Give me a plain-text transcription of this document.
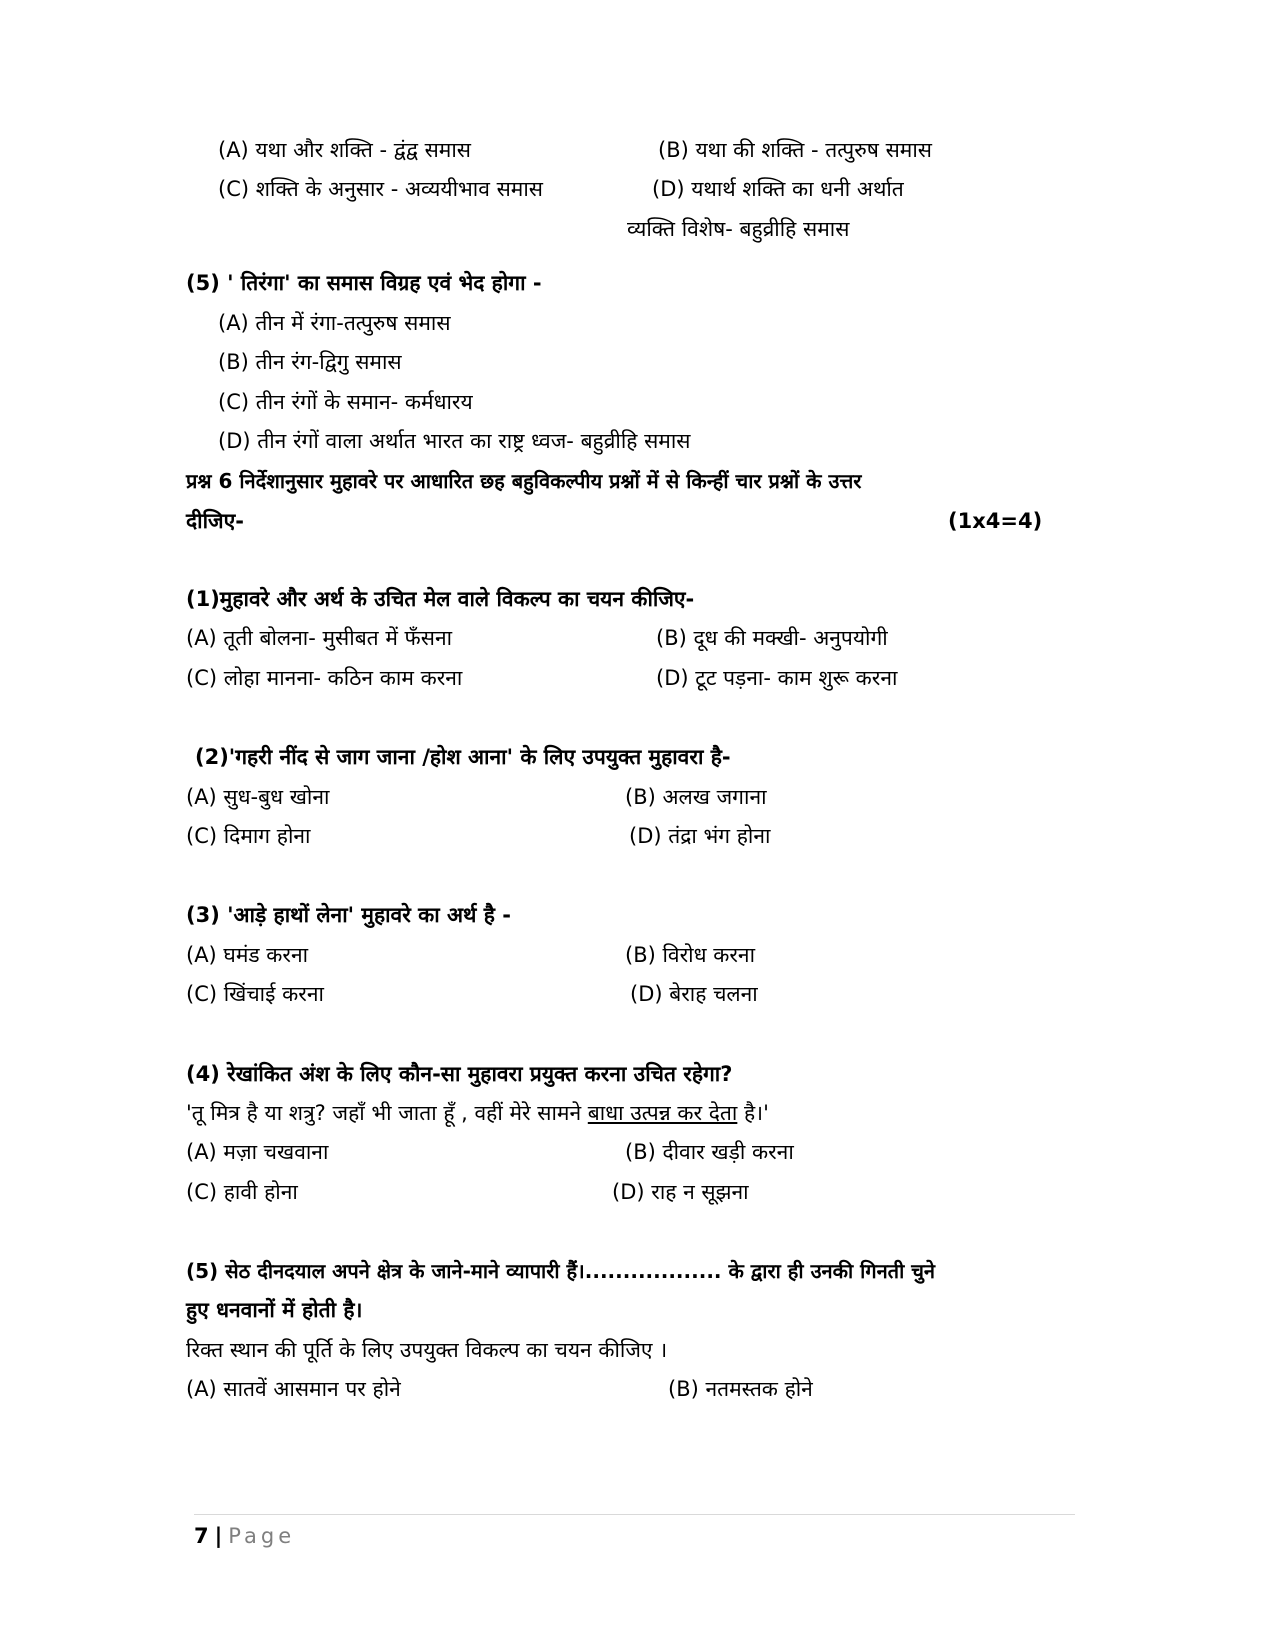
(A) यथा और शक्ति - द्वंद्व समास	(B) यथा की शक्ति - तत्पुरुष समास
(C) शक्ति के अनुसार - अव्ययीभाव समास	(D) यथार्थ शक्ति का धनी अर्थात
व्यक्ति विशेष- बहुव्रीहि समास
(5) ' तिरंगा' का समास विग्रह एवं भेद होगा -
(A) तीन में रंगा-तत्पुरुष समास
(B) तीन रंग-द्विगु समास
(C) तीन रंगों के समान- कर्मधारय
(D) तीन रंगों वाला अर्थात भारत का राष्ट्र ध्वज- बहुव्रीहि समास
प्रश्न 6 निर्देशानुसार मुहावरे पर आधारित छह बहुविकल्पीय प्रश्नों में से किन्हीं चार प्रश्नों के उत्तर
दीजिए-	(1x4=4)
(1)मुहावरे और अर्थ के उचित मेल वाले विकल्प का चयन कीजिए-
(A) तूती बोलना- मुसीबत में फँसना	(B) दूध की मक्खी- अनुपयोगी
(C) लोहा मानना- कठिन काम करना	(D) टूट पड़ना- काम शुरू करना
(2)'गहरी नींद से जाग जाना /होश आना' के लिए उपयुक्त मुहावरा है-
(A) सुध-बुध खोना	(B) अलख जगाना
(C) दिमाग होना	(D) तंद्रा भंग होना
(3) 'आड़े हाथों लेना' मुहावरे का अर्थ है -
(A) घमंड करना	(B) विरोध करना
(C) खिंचाई करना	(D) बेराह चलना
(4) रेखांकित अंश के लिए कौन-सा मुहावरा प्रयुक्त करना उचित रहेगा?
'तू मित्र है या शत्रु? जहाँ भी जाता हूँ , वहीं मेरे सामने बाधा उत्पन्न कर देता है।'
(A) मज़ा चखवाना	(B) दीवार खड़ी करना
(C) हावी होना	(D) राह न सूझना
(5) सेठ दीनदयाल अपने क्षेत्र के जाने-माने व्यापारी हैं।.................. के द्वारा ही उनकी गिनती चुने
हुए धनवानों में होती है।
रिक्त स्थान की पूर्ति के लिए उपयुक्त विकल्प का चयन कीजिए ।
(A) सातवें आसमान पर होने	(B) नतमस्तक होने
7 | Page
